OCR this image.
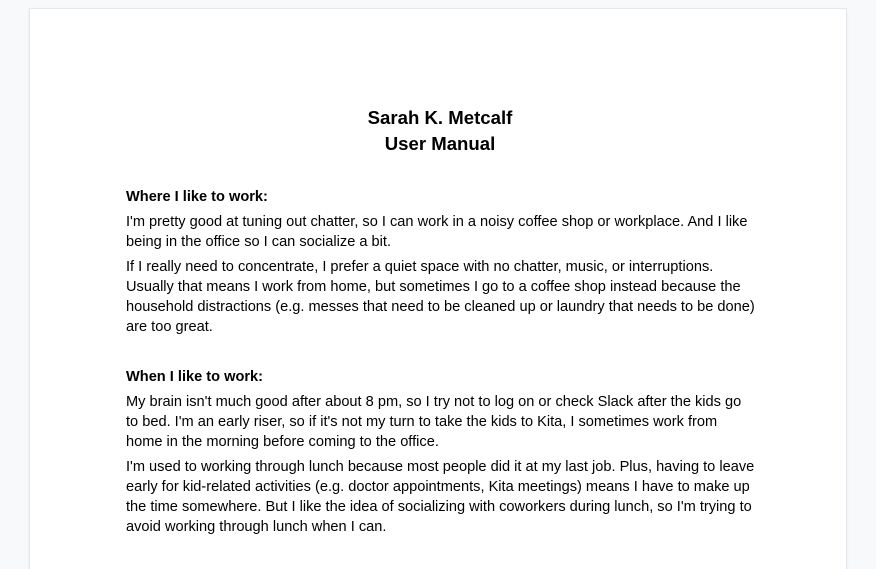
Sarah K. Metcalf
User Manual
Where I like to work:
I'm pretty good at tuning out chatter, so I can work in a noisy coffee shop or workplace. And I like being in the office so I can socialize a bit.
If I really need to concentrate, I prefer a quiet space with no chatter, music, or interruptions. Usually that means I work from home, but sometimes I go to a coffee shop instead because the household distractions (e.g. messes that need to be cleaned up or laundry that needs to be done) are too great.
When I like to work:
My brain isn't much good after about 8 pm, so I try not to log on or check Slack after the kids go to bed. I'm an early riser, so if it's not my turn to take the kids to Kita, I sometimes work from home in the morning before coming to the office.
I'm used to working through lunch because most people did it at my last job. Plus, having to leave early for kid-related activities (e.g. doctor appointments, Kita meetings) means I have to make up the time somewhere. But I like the idea of socializing with coworkers during lunch, so I'm trying to avoid working through lunch when I can.
